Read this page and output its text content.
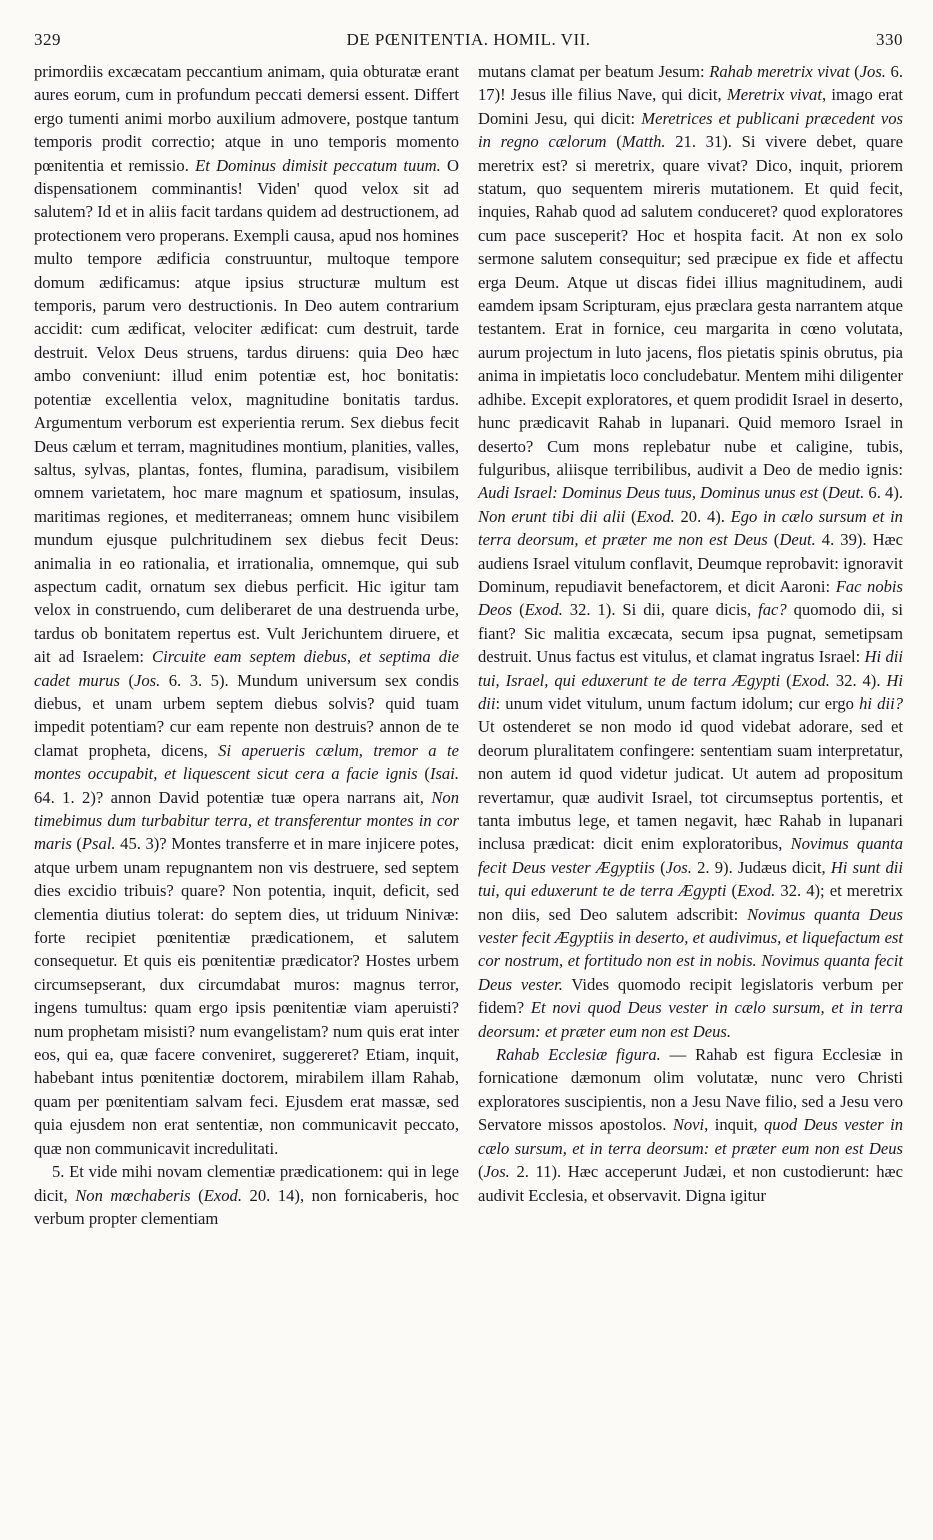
329	DE PŒNITENTIA. HOMIL. VII.	330

primordiis excæcatam peccantium animam, quia obturatæ erant aures eorum, cum in profundum peccati demersi essent. Differt ergo tumenti animi morbo auxilium admovere, postque tantum temporis prodit correctio; atque in uno temporis momento pœnitentia et remissio. Et Dominus dimisit peccatum tuum. O dispensationem comminantis! Viden' quod velox sit ad salutem? Id et in aliis facit tardans quidem ad destructionem, ad protectionem vero properans. Exempli causa, apud nos homines multo tempore ædificia construuntur, multoque tempore domum ædificamus: atque ipsius structuræ multum est temporis, parum vero destructionis. In Deo autem contrarium accidit: cum ædificat, velociter ædificat: cum destruit, tarde destruit. Velox Deus struens, tardus diruens: quia Deo hæc ambo conveniunt: illud enim potentiæ est, hoc bonitatis: potentiæ excellentia velox, magnitudine bonitatis tardus. Argumentum verborum est experientia rerum. Sex diebus fecit Deus cælum et terram, magnitudines montium, planities, valles, saltus, sylvas, plantas, fontes, flumina, paradisum, visibilem omnem varietatem, hoc mare magnum et spatiosum, insulas, maritimas regiones, et mediterraneas; omnem hunc visibilem mundum ejusque pulchritudinem sex diebus fecit Deus: animalia in eo rationalia, et irrationalia, omnemque, qui sub aspectum cadit, ornatum sex diebus perficit. Hic igitur tam velox in construendo, cum deliberaret de una destruenda urbe, tardus ob bonitatem repertus est. Vult Jerichuntem diruere, et ait ad Israelem: Circuite eam septem diebus, et septima die cadet murus (Jos. 6. 3. 5). Mundum universum sex condis diebus, et unam urbem septem diebus solvis? quid tuam impedit potentiam? cur eam repente non destruis? annon de te clamat propheta, dicens, Si aperueris cælum, tremor a te montes occupabit, et liquescent sicut cera a facie ignis (Isai. 64. 1. 2)? annon David potentiæ tuæ opera narrans ait, Non timebimus dum turbabitur terra, et transferentur montes in cor maris (Psal. 45. 3)? Montes transferre et in mare injicere potes, atque urbem unam repugnantem non vis destruere, sed septem dies excidio tribuis? quare? Non potentia, inquit, deficit, sed clementia diutius tolerat: do septem dies, ut triduum Ninivæ: forte recipiet pœnitentiæ prædicationem, et salutem consequetur. Et quis eis pœnitentiæ prædicator? Hostes urbem circumsepserant, dux circumdabat muros: magnus terror, ingens tumultus: quam ergo ipsis pœnitentiæ viam aperuisti? num prophetam misisti? num evangelistam? num quis erat inter eos, qui ea, quæ facere conveniret, suggereret? Etiam, inquit, habebant intus pœnitentiæ doctorem, mirabilem illam Rahab, quam per pœnitentiam salvam feci. Ejusdem erat massæ, sed quia ejusdem non erat sententiæ, non communicavit peccato, quæ non communicavit incredulitati.

5. Et vide mihi novam clementiæ prædicationem: qui in lege dicit, Non mœchaberis (Exod. 20. 14), non fornicaberis, hoc verbum propter clementiam

mutans clamat per beatum Jesum: Rahab meretrix vivat (Jos. 6. 17)! Jesus ille filius Nave, qui dicit, Meretrix vivat, imago erat Domini Jesu, qui dicit: Meretrices et publicani præcedent vos in regno cælorum (Matth. 21. 31). Si vivere debet, quare meretrix est? si meretrix, quare vivat? Dico, inquit, priorem statum, quo sequentem mireris mutationem. Et quid fecit, inquies, Rahab quod ad salutem conduceret? quod exploratores cum pace susceperit? Hoc et hospita facit. At non ex solo sermone salutem consequitur; sed præcipue ex fide et affectu erga Deum. Atque ut discas fidei illius magnitudinem, audi eamdem ipsam Scripturam, ejus præclara gesta narrantem atque testantem. Erat in fornice, ceu margarita in cœno volutata, aurum projectum in luto jacens, flos pietatis spinis obrutus, pia anima in impietatis loco concludebatur. Mentem mihi diligenter adhibe. Excepit exploratores, et quem prodidit Israel in deserto, hunc prædicavit Rahab in lupanari. Quid memoro Israel in deserto? Cum mons replebatur nube et caligine, tubis, fulguribus, aliisque terribilibus, audivit a Deo de medio ignis: Audi Israel: Dominus Deus tuus, Dominus unus est (Deut. 6. 4). Non erunt tibi dii alii (Exod. 20. 4). Ego in cælo sursum et in terra deorsum, et præter me non est Deus (Deut. 4. 39). Hæc audiens Israel vitulum conflavit, Deumque reprobavit: ignoravit Dominum, repudiavit benefactorem, et dicit Aaroni: Fac nobis Deos (Exod. 32. 1). Si dii, quare dicis, fac? quomodo dii, si fiant? Sic malitia excæcata, secum ipsa pugnat, semetipsam destruit. Unus factus est vitulus, et clamat ingratus Israel: Hi dii tui, Israel, qui eduxerunt te de terra Ægypti (Exod. 32. 4). Hi dii: unum videt vitulum, unum factum idolum; cur ergo hi dii? Ut ostenderet se non modo id quod videbat adorare, sed et deorum pluralitatem confingere: sententiam suam interpretatur, non autem id quod videtur judicat. Ut autem ad propositum revertamur, quæ audivit Israel, tot circumseptus portentis, et tanta imbutus lege, et tamen negavit, hæc Rahab in lupanari inclusa prædicat: dicit enim exploratoribus, Novimus quanta fecit Deus vester Ægyptiis (Jos. 2. 9). Judæus dicit, Hi sunt dii tui, qui eduxerunt te de terra Ægypti (Exod. 32. 4); et meretrix non diis, sed Deo salutem adscribit: Novimus quanta Deus vester fecit Ægyptiis in deserto, et audivimus, et liquefactum est cor nostrum, et fortitudo non est in nobis. Novimus quanta fecit Deus vester. Vides quomodo recipit legislatoris verbum per fidem? Et novi quod Deus vester in cælo sursum, et in terra deorsum: et præter eum non est Deus.

Rahab Ecclesiæ figura. — Rahab est figura Ecclesiæ in fornicatione dæmonum olim volutatæ, nunc vero Christi exploratores suscipientis, non a Jesu Nave filio, sed a Jesu vero Servatore missos apostolos. Novi, inquit, quod Deus vester in cælo sursum, et in terra deorsum: et præter eum non est Deus (Jos. 2. 11). Hæc acceperunt Judæi, et non custodierunt: hæc audivit Ecclesia, et observavit. Digna igitur
